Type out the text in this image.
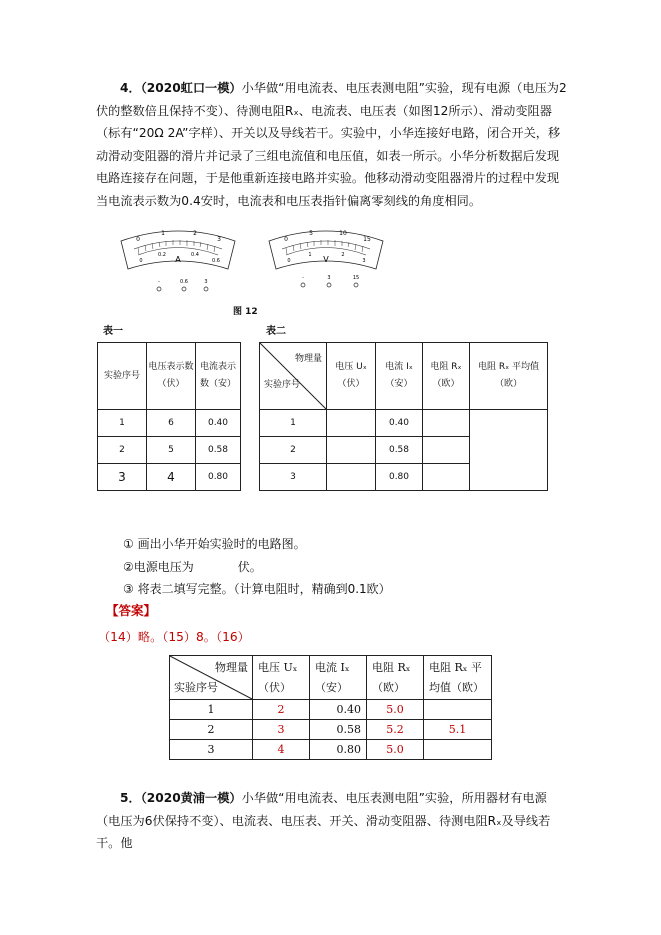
4．（2020虹口一模）小华做“用电流表、电压表测电阻”实验，现有电源（电压为2伏的整数倍且保持不变）、待测电阻Rₓ、电流表、电压表（如图12所示）、滑动变阻器（标有“20Ω 2A”字样）、开关以及导线若干。实验中，小华连接好电路，闭合开关，移动滑动变阻器的滑片并记录了三组电流值和电压值，如表一所示。小华分析数据后发现电路连接存在问题，于是他重新连接电路并实验。他移动滑动变阻器滑片的过程中发现当电流表示数为0.4安时，电流表和电压表指针偏离零刻线的角度相同。
0
1	2
3
0
0.2	0.4
0.6
A
-	0.6	3
0
5	10
15
0
1	2
3
V
-	3	15
图 12
表一	表二
实验序号	电压表示数（伏）	电流表示数（安）
1	6	0.40
2	5	0.58
3	4	0.80
物理量
实验序号	电压 Uₓ（伏）	电流 Iₓ（安）	电阻 Rₓ（欧）	电阻 Rₓ 平均值（欧）
1		0.40		
2		0.58		
3		0.80		
① 画出小华开始实验时的电路图。
②电源电压为	伏。
③ 将表二填写完整。（计算电阻时，精确到0.1欧）
【答案】
（14）略。（15）8。（16）
物理量
实验序号	电压 Uₓ（伏）	电流 Iₓ（安）	电阻 Rₓ（欧）	电阻 Rₓ 平均值（欧）
1	2	0.40	5.0	
2	3	0.58	5.2	5.1
3	4	0.80	5.0	
5．（2020黄浦一模）小华做“用电流表、电压表测电阻”实验，所用器材有电源（电压为6伏保持不变）、电流表、电压表、开关、滑动变阻器、待测电阻Rₓ及导线若干。他
